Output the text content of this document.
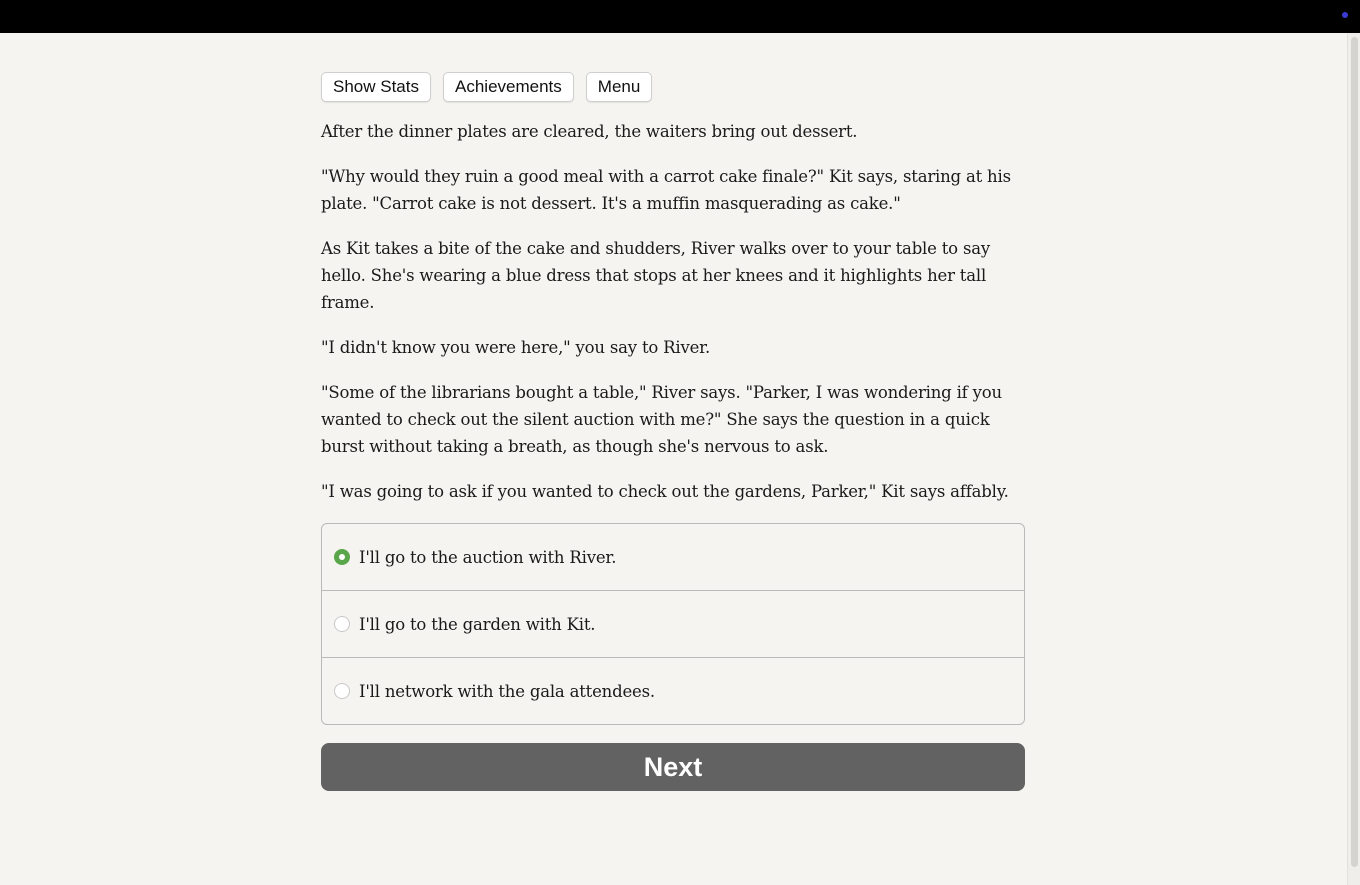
Show Stats	Achievements	Menu

After the dinner plates are cleared, the waiters bring out dessert.

"Why would they ruin a good meal with a carrot cake finale?" Kit says, staring at his plate. "Carrot cake is not dessert. It's a muffin masquerading as cake."

As Kit takes a bite of the cake and shudders, River walks over to your table to say hello. She's wearing a blue dress that stops at her knees and it highlights her tall frame.

"I didn't know you were here," you say to River.

"Some of the librarians bought a table," River says. "Parker, I was wondering if you wanted to check out the silent auction with me?" She says the question in a quick burst without taking a breath, as though she's nervous to ask.

"I was going to ask if you wanted to check out the gardens, Parker," Kit says affably.

I'll go to the auction with River.
I'll go to the garden with Kit.
I'll network with the gala attendees.
Next
